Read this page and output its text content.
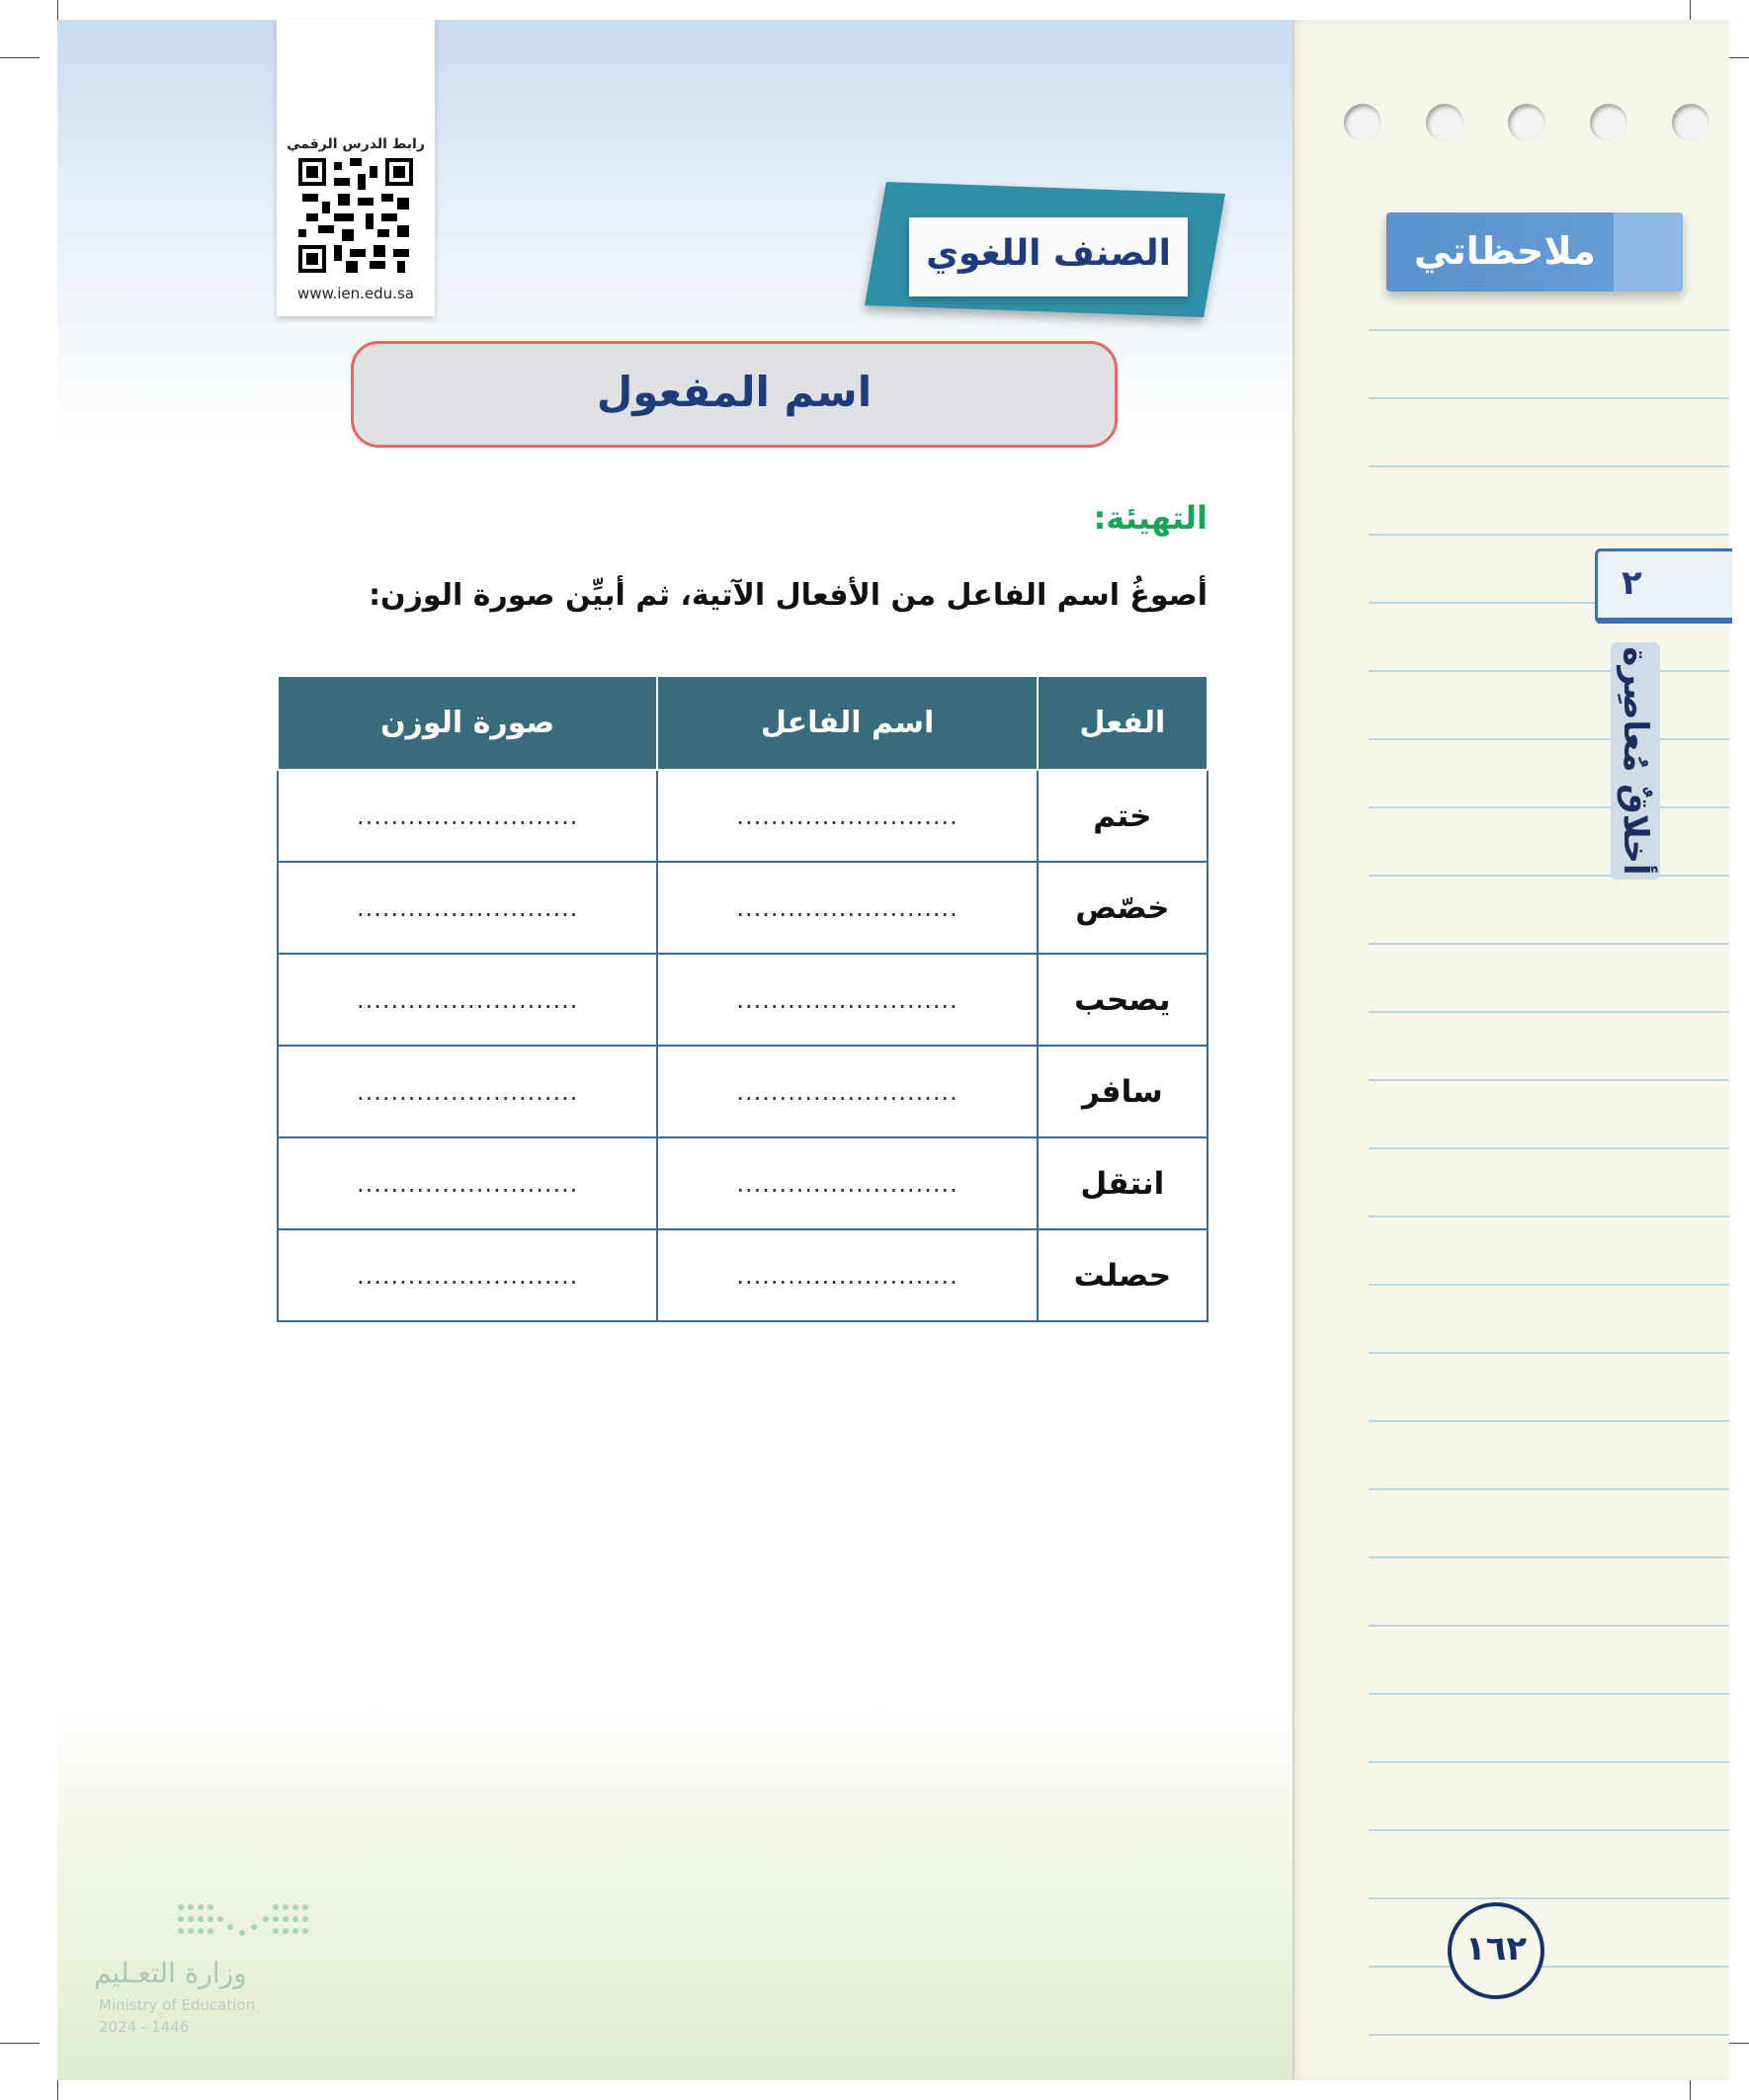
ملاحظاتي
٢
أخلاقٌ مُعاصِرة
١٦٢
رابط الدرس الرقمي
www.ien.edu.sa
الصنف اللغوي
اسم المفعول
التهيئة:
أصوغُ اسم الفاعل من الأفعال الآتية، ثم أبيِّن صورة الوزن:
الفعل	اسم الفاعل	صورة الوزن
ختم	..........................	..........................
خصّص	..........................	..........................
يصحب	..........................	..........................
سافر	..........................	..........................
انتقل	..........................	..........................
حصلت	..........................	..........................
وزارة التعـليم
Ministry of Education
2024 - 1446
